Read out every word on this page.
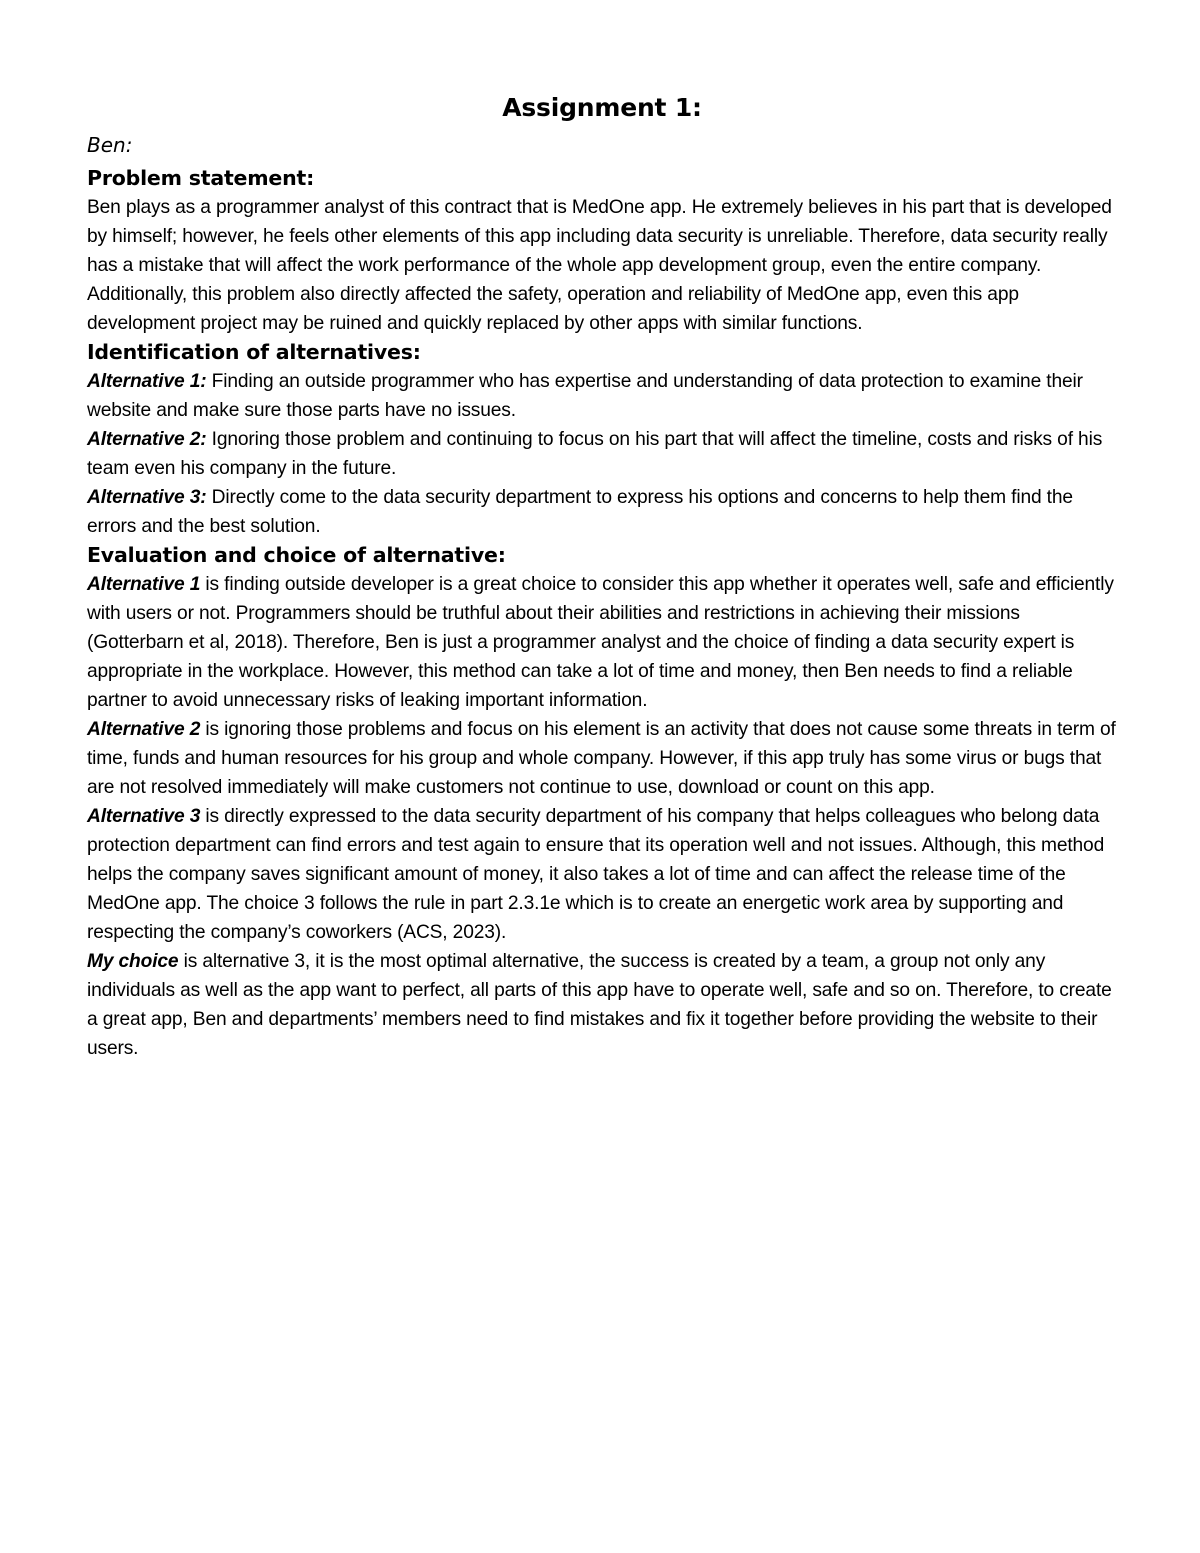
Assignment 1:
Ben:
Problem statement:

Ben plays as a programmer analyst of this contract that is MedOne app. He extremely believes in his part that is developed by himself; however, he feels other elements of this app including data security is unreliable. Therefore, data security really has a mistake that will affect the work performance of the whole app development group, even the entire company. Additionally, this problem also directly affected the safety, operation and reliability of MedOne app, even this app development project may be ruined and quickly replaced by other apps with similar functions.

Identification of alternatives:

Alternative 1: Finding an outside programmer who has expertise and understanding of data protection to examine their website and make sure those parts have no issues.

Alternative 2: Ignoring those problem and continuing to focus on his part that will affect the timeline, costs and risks of his team even his company in the future.

Alternative 3: Directly come to the data security department to express his options and concerns to help them find the errors and the best solution.

Evaluation and choice of alternative:

Alternative 1 is finding outside developer is a great choice to consider this app whether it operates well, safe and efficiently with users or not. Programmers should be truthful about their abilities and restrictions in achieving their missions (Gotterbarn et al, 2018). Therefore, Ben is just a programmer analyst and the choice of finding a data security expert is appropriate in the workplace. However, this method can take a lot of time and money, then Ben needs to find a reliable partner to avoid unnecessary risks of leaking important information.

Alternative 2 is ignoring those problems and focus on his element is an activity that does not cause some threats in term of time, funds and human resources for his group and whole company. However, if this app truly has some virus or bugs that are not resolved immediately will make customers not continue to use, download or count on this app.

Alternative 3 is directly expressed to the data security department of his company that helps colleagues who belong data protection department can find errors and test again to ensure that its operation well and not issues. Although, this method helps the company saves significant amount of money, it also takes a lot of time and can affect the release time of the MedOne app. The choice 3 follows the rule in part 2.3.1e which is to create an energetic work area by supporting and respecting the company’s coworkers (ACS, 2023).

My choice is alternative 3, it is the most optimal alternative, the success is created by a team, a group not only any individuals as well as the app want to perfect, all parts of this app have to operate well, safe and so on. Therefore, to create a great app, Ben and departments’ members need to find mistakes and fix it together before providing the website to their users.
